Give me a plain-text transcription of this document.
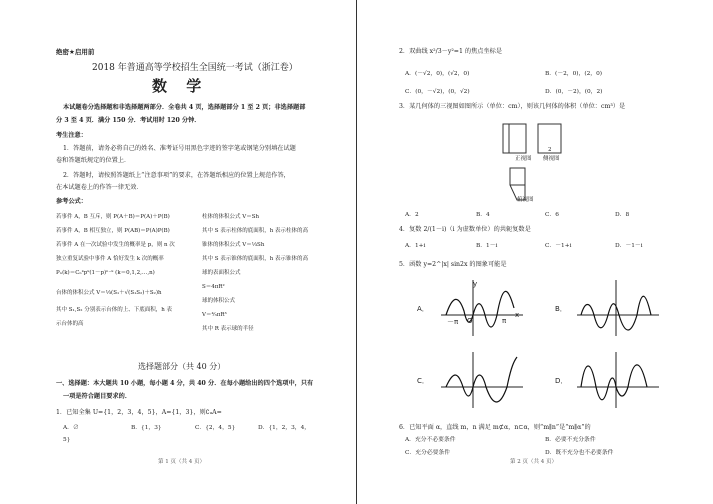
绝密★启用前
2018 年普通高等学校招生全国统一考试（浙江卷）
数 学
本试题卷分选择题和非选择题两部分．全卷共 4 页，选择题部分 1 至 2 页；非选择题部
分 3 至 4 页．满分 150 分．考试用时 120 分钟．
考生注意：
1．答题前，请务必将自己的姓名、准考证号用黑色字迹的签字笔或钢笔分别填在试题
卷和答题纸规定的位置上．
2．答题时，请按照答题纸上“注意事项”的要求，在答题纸相应的位置上规范作答，
在本试题卷上的作答一律无效．
参考公式：
若事件 A，B 互斥，则 P(A＋B)＝P(A)＋P(B)
若事件 A，B 相互独立，则 P(AB)＝P(A)P(B)
若事件 A 在一次试验中发生的概率是 p，则 n 次
独立重复试验中事件 A 恰好发生 k 次的概率
Pₙ(k)＝Cₙᵏpᵏ(1－p)ⁿ⁻ᵏ (k＝0,1,2,…,n)
台体的体积公式 V＝⅓(S₁＋√(S₁S₂)＋S₂)h
其中 S₁,S₂ 分别表示台体的上、下底面积，h 表
示台体的高
柱体的体积公式 V＝Sh
其中 S 表示柱体的底面积，h 表示柱体的高
锥体的体积公式 V＝⅓Sh
其中 S 表示锥体的底面积，h 表示锥体的高
球的表面积公式
S＝4πR²
球的体积公式
V＝⁴⁄₃πR³
其中 R 表示球的半径
选择题部分（共 40 分）
一、选择题：本大题共 10 小题，每小题 4 分，共 40 分．在每小题给出的四个选项中，只有
一项是符合题目要求的．
1．已知全集 U={1，2，3，4，5}，A={1，3}，则∁ᵤA=
A．∅	B．{1，3}	C．{2，4，5}	D．{1，2，3，4，
5}
第 1 页（共 4 页）
2．双曲线 x²/3－y²=1 的焦点坐标是
A．(－√2，0)，(√2，0)	B．(－2，0)，(2，0)
C．(0，－√2)，(0，√2)	D．(0，－2)，(0，2)
3．某几何体的三视图如图所示（单位：cm），则该几何体的体积（单位：cm³）是
正视图 侧视图
俯视图
2
A．2	B．4	C．6	D．8
4．复数 2/(1－i)（i 为虚数单位）的共轭复数是
A．1+i	B．1－i	C．－1+i	D．－1－i
5．函数 y=2^|x| sin2x 的图象可能是
A．	B．
C．	D．
x
y
O
－π	π
6．已知平面 α，直线 m，n 满足 m⊄α，n⊂α，则“m∥n”是“m∥α”的
A．充分不必要条件	B．必要不充分条件
C．充分必要条件	D．既不充分也不必要条件
第 2 页（共 4 页）
